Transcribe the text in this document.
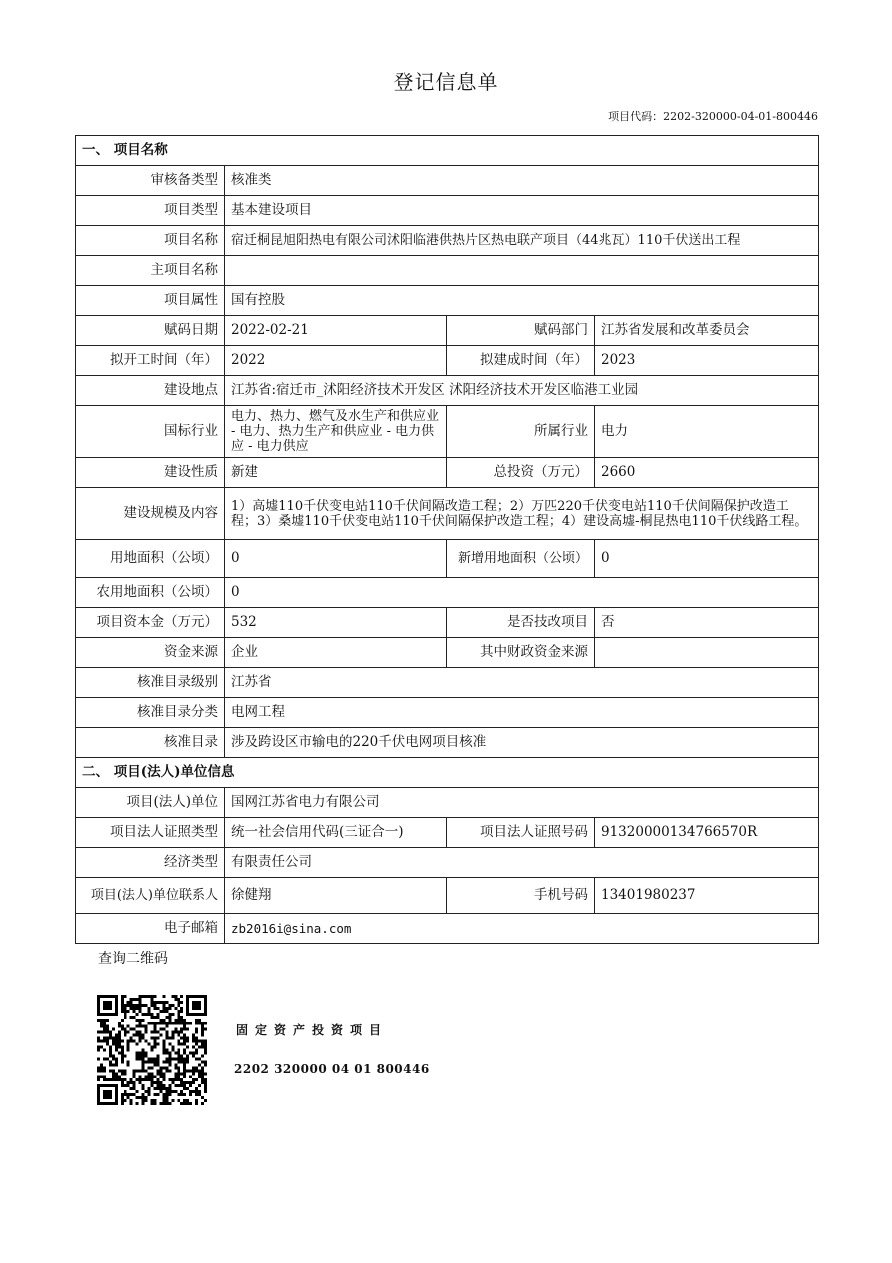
登记信息单
项目代码：2202-320000-04-01-800446
一、 项目名称			
审核备类型	核准类		
项目类型	基本建设项目		
项目名称	宿迁桐昆旭阳热电有限公司沭阳临港供热片区热电联产项目（44兆瓦）110千伏送出工程		
主项目名称			
项目属性	国有控股		
赋码日期	2022-02-21	赋码部门	江苏省发展和改革委员会
拟开工时间（年）	2022	拟建成时间（年）	2023
建设地点	江苏省:宿迁市_沭阳经济技术开发区 沭阳经济技术开发区临港工业园		
国标行业	电力、热力、燃气及水生产和供应业 - 电力、热力生产和供应业 - 电力供应 - 电力供应	所属行业	电力
建设性质	新建	总投资（万元）	2660
建设规模及内容	1）高墟110千伏变电站110千伏间隔改造工程；2）万匹220千伏变电站110千伏间隔保护改造工程；3）桑墟110千伏变电站110千伏间隔保护改造工程；4）建设高墟-桐昆热电110千伏线路工程。		
用地面积（公顷）	0	新增用地面积（公顷）	0
农用地面积（公顷）	0		
项目资本金（万元）	532	是否技改项目	否
资金来源	企业	其中财政资金来源	
核准目录级别	江苏省		
核准目录分类	电网工程		
核准目录	涉及跨设区市输电的220千伏电网项目核准		
二、 项目(法人)单位信息			
项目(法人)单位	国网江苏省电力有限公司		
项目法人证照类型	统一社会信用代码(三证合一)	项目法人证照号码	91320000134766570R
经济类型	有限责任公司		
项目(法人)单位联系人	徐健翔	手机号码	13401980237
电子邮箱	zb2016i@sina.com		
查询二维码
固定资产投资项目
2202 320000 04 01 800446
